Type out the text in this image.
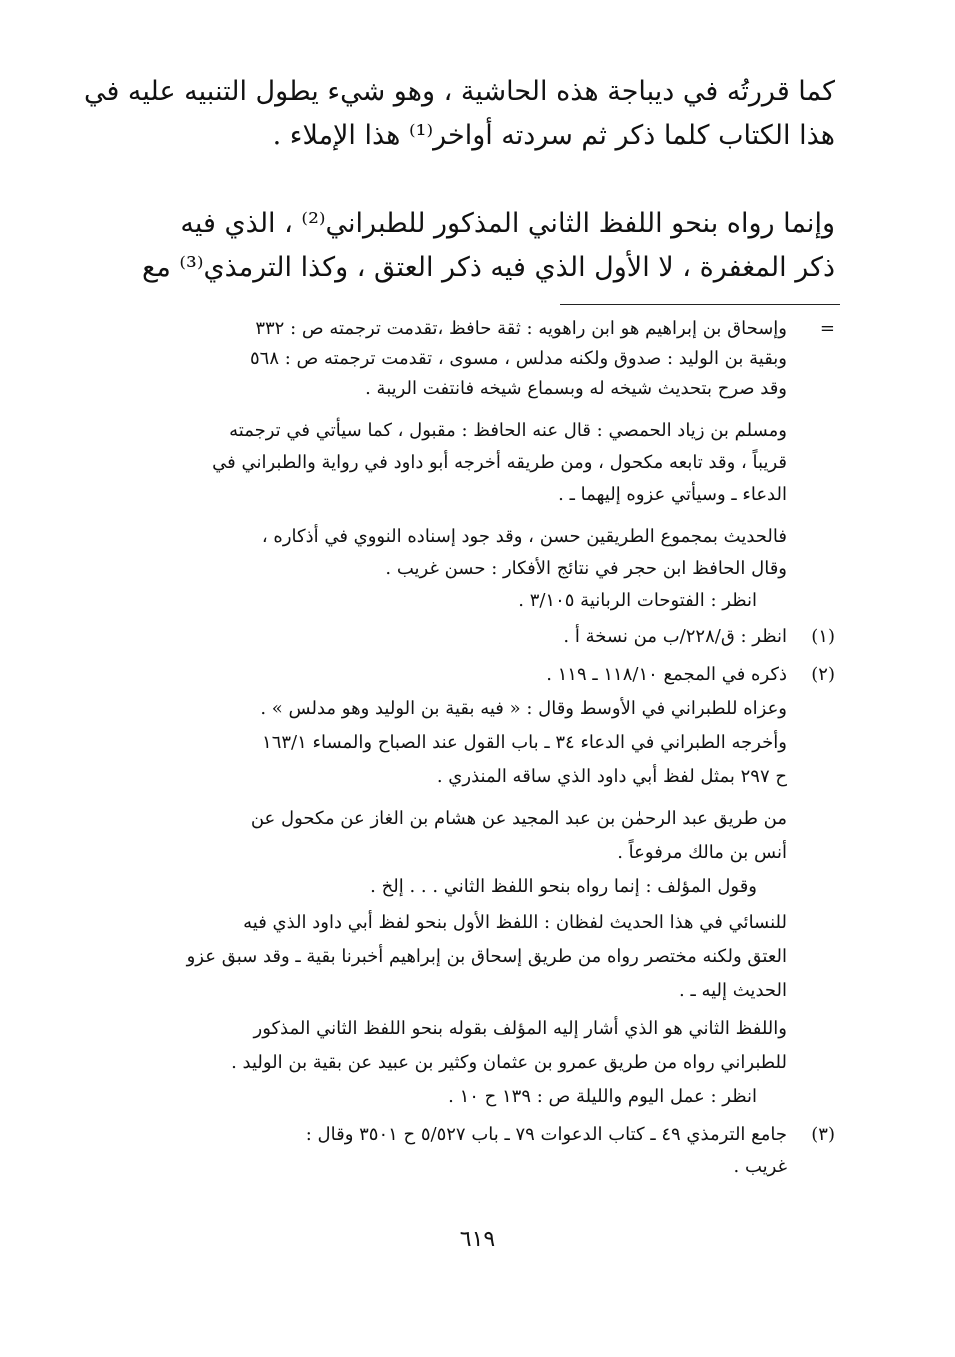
كما قررتُه في ديباجة هذه الحاشية ، وهو شيء يطول التنبيه عليه في
هذا الكتاب كلما ذكر ثم سردته أواخر⁽¹⁾ هذا الإملاء .
وإنما رواه بنحو اللفظ الثاني المذكور للطبراني⁽²⁾ ، الذي فيه
ذكر المغفرة ، لا الأول الذي فيه ذكر العتق ، وكذا الترمذي⁽³⁾ مع
=
وإسحاق بن إبراهيم هو ابن راهويه : ثقة حافظ ،تقدمت ترجمته ص : ٣٣٢
وبقية بن الوليد : صدوق ولكنه مدلس ، مسوى ، تقدمت ترجمته ص : ٥٦٨
وقد صرح بتحديث شيخه له وبسماع شيخه فانتفت الريبة .
ومسلم بن زياد الحمصي : قال عنه الحافظ : مقبول ، كما سيأتي في ترجمته
قريباً ، وقد تابعه مكحول ، ومن طريقه أخرجه أبو داود في رواية والطبراني في
الدعاء ـ وسيأتي عزوه إليهما ـ .
فالحديث بمجموع الطريقين حسن ، وقد جود إسناده النووي في أذكاره ،
وقال الحافظ ابن حجر في نتائج الأفكار : حسن غريب .
انظر : الفتوحات الربانية ٣/١٠٥ .
(١)
انظر : ق/٢٢٨/ب من نسخة أ .
(٢)
ذكره في المجمع ١١٨/١٠ ـ ١١٩ .
وعزاه للطبراني في الأوسط وقال : « فيه بقية بن الوليد وهو مدلس » .
وأخرجه الطبراني في الدعاء ٣٤ ـ باب القول عند الصباح والمساء ١٦٣/١
ح ٢٩٧ بمثل لفظ أبي داود الذي ساقه المنذري .
من طريق عبد الرحمٰن بن عبد المجيد عن هشام بن الغاز عن مكحول عن
أنس بن مالك مرفوعاً .
وقول المؤلف : إنما رواه بنحو اللفظ الثاني . . . إلخ .
للنسائي في هذا الحديث لفظان : اللفظ الأول بنحو لفظ أبي داود الذي فيه
العتق ولكنه مختصر رواه من طريق إسحاق بن إبراهيم أخبرنا بقية ـ وقد سبق عزو
الحديث إليه ـ .
واللفظ الثاني هو الذي أشار إليه المؤلف بقوله بنحو اللفظ الثاني المذكور
للطبراني رواه من طريق عمرو بن عثمان وكثير بن عبيد عن بقية بن الوليد .
انظر : عمل اليوم والليلة ص : ١٣٩ ح ١٠ .
(٣)
جامع الترمذي ٤٩ ـ كتاب الدعوات ٧٩ ـ باب ٥/٥٢٧ ح ٣٥٠١ وقال :
غريب .
٦١٩
